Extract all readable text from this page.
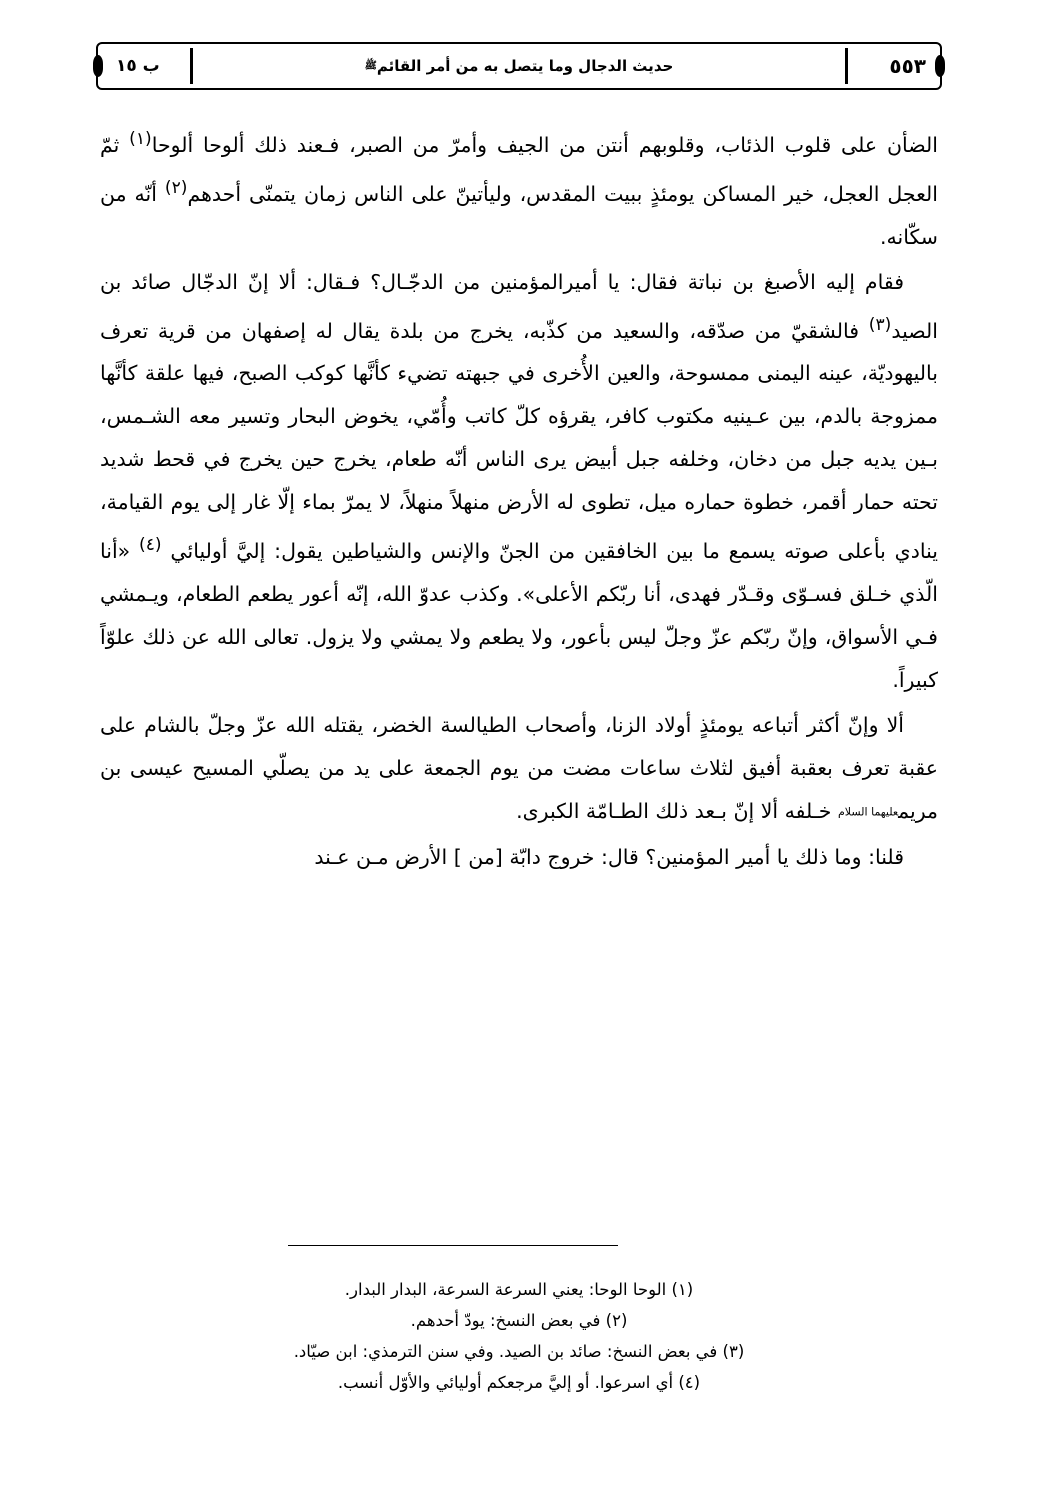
٥٥٣
حديث الدجال وما يتصل به من أمر القائمﷺ
ب ١٥

الضأن على قلوب الذئاب، وقلوبهم أنتن من الجيف وأمرّ من الصبر، فـعند ذلك ألوحا ألوحا$^{(١)}$ ثمّ العجل العجل، خير المساكن يومئذٍ ببيت المقدس، وليأتينّ على الناس زمان يتمنّى أحدهم$^{(٢)}$ أنّه من سكّانه.

فقام إليه الأصبغ بن نباتة فقال: يا أميرالمؤمنين من الدجّـال؟ فـقال: ألا إنّ الدجّال صائد بن الصيد$^{(٣)}$ فالشقيّ من صدّقه، والسعيد من كذّبه، يخرج من بلدة يقال له إصفهان من قرية تعرف باليهوديّة، عينه اليمنى ممسوحة، والعين الأُخرى في جبهته تضيء كأنَّها كوكب الصبح، فيها علقة كأنَّها ممزوجة بالدم، بين عـينيه مكتوب كافر، يقرؤه كلّ كاتب وأُمّي، يخوض البحار وتسير معه الشـمس، بـين يديه جبل من دخان، وخلفه جبل أبيض يرى الناس أنّه طعام، يخرج حين يخرج في قحط شديد تحته حمار أقمر، خطوة حماره ميل، تطوى له الأرض منهلاً منهلاً، لا يمرّ بماء إلّا غار إلى يوم القيامة، ينادي بأعلى صوته يسمع ما بين الخافقين من الجنّ والإنس والشياطين يقول: إليَّ أوليائي $^{(٤)}$ «أنا الّذي خـلق فسـوّى وقـدّر فهدى، أنا ربّكم الأعلى». وكذب عدوّ الله، إنّه أعور يطعم الطعام، ويـمشي فـي الأسواق، وإنّ ربّكم عزّ وجلّ ليس بأعور، ولا يطعم ولا يمشي ولا يزول. تعالى الله عن ذلك علوّاً كبيراً.

ألا وإنّ أكثر أتباعه يومئذٍ أولاد الزنا، وأصحاب الطيالسة الخضر، يقتله الله عزّ وجلّ بالشام على عقبة تعرف بعقبة أفيق لثلاث ساعات مضت من يوم الجمعة على يد من يصلّي المسيح عيسى بن مريمعليهما السلام خـلفه ألا إنّ بـعد ذلك الطـامّة الكبرى.

قلنا: وما ذلك يا أمير المؤمنين؟ قال: خروج دابّة [من ] الأرض مـن عـند

(١) الوحا الوحا: يعني السرعة السرعة، البدار البدار.
(٢) في بعض النسخ: يودّ أحدهم.
(٣) في بعض النسخ: صائد بن الصيد. وفي سنن الترمذي: ابن صيّاد.
(٤) أي اسرعوا. أو إليَّ مرجعكم أوليائي والأوّل أنسب.
